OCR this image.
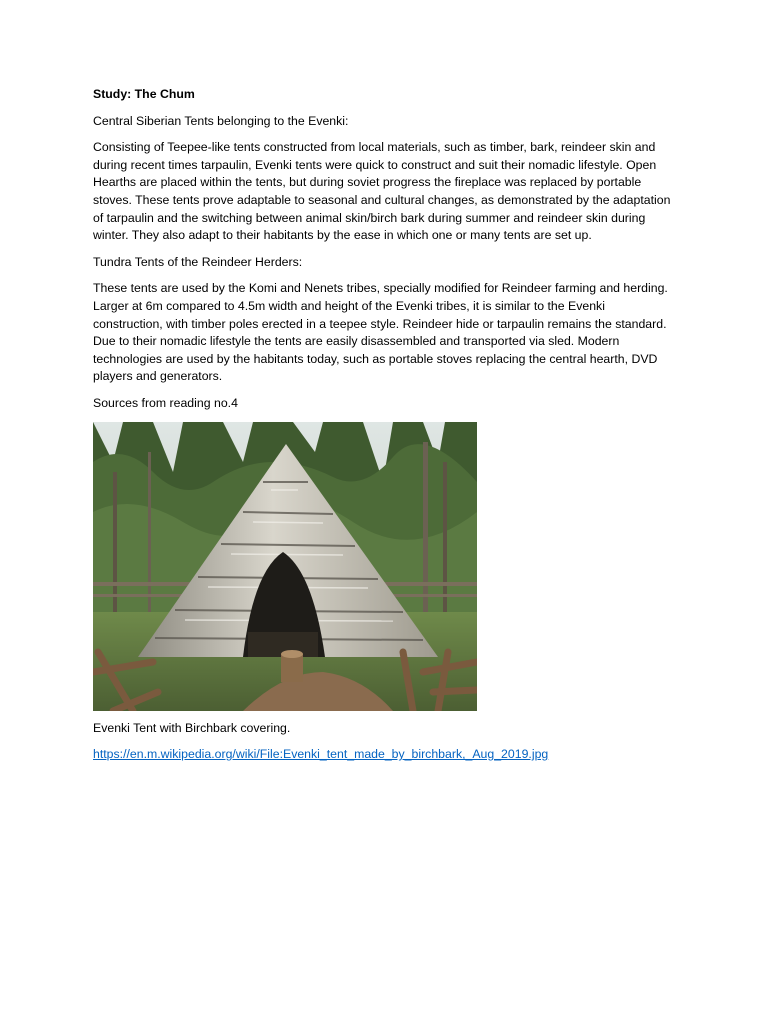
Study: The Chum

Central Siberian Tents belonging to the Evenki:

Consisting of Teepee-like tents constructed from local materials, such as timber, bark, reindeer skin and during recent times tarpaulin, Evenki tents were quick to construct and suit their nomadic lifestyle. Open Hearths are placed within the tents, but during soviet progress the fireplace was replaced by portable stoves. These tents prove adaptable to seasonal and cultural changes, as demonstrated by the adaptation of tarpaulin and the switching between animal skin/birch bark during summer and reindeer skin during winter. They also adapt to their habitants by the ease in which one or many tents are set up.

Tundra Tents of the Reindeer Herders:

These tents are used by the Komi and Nenets tribes, specially modified for Reindeer farming and herding. Larger at 6m compared to 4.5m width and height of the Evenki tribes, it is similar to the Evenki construction, with timber poles erected in a teepee style. Reindeer hide or tarpaulin remains the standard. Due to their nomadic lifestyle the tents are easily disassembled and transported via sled. Modern technologies are used by the habitants today, such as portable stoves replacing the central hearth, DVD players and generators.

Sources from reading no.4

Evenki Tent with Birchbark covering.

https://en.m.wikipedia.org/wiki/File:Evenki_tent_made_by_birchbark,_Aug_2019.jpg
